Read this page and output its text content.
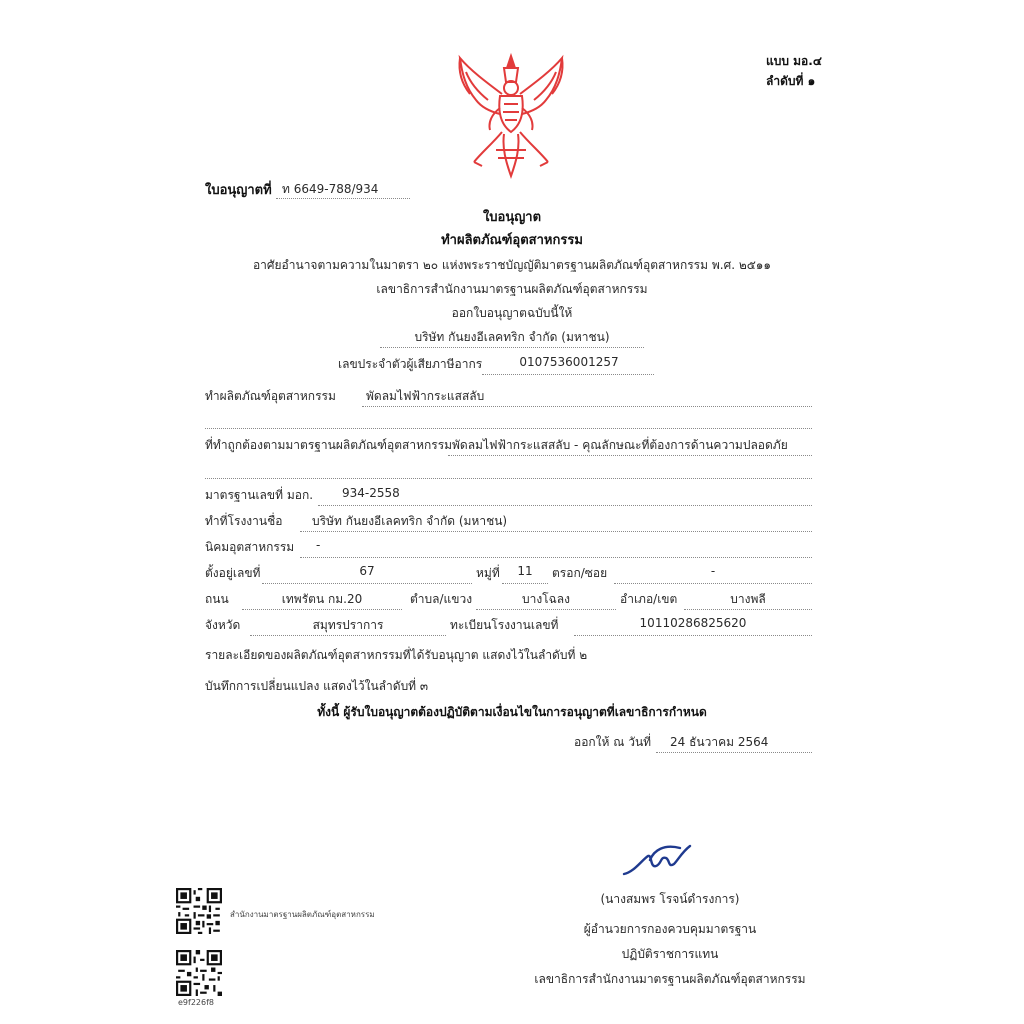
แบบ มอ.๔
ลำดับที่ ๑
ใบอนุญาตที่ ท 6649-788/934
ใบอนุญาต
ทำผลิตภัณฑ์อุตสาหกรรม
อาศัยอำนาจตามความในมาตรา ๒๐ แห่งพระราชบัญญัติมาตรฐานผลิตภัณฑ์อุตสาหกรรม พ.ศ. ๒๕๑๑
เลขาธิการสำนักงานมาตรฐานผลิตภัณฑ์อุตสาหกรรม
ออกใบอนุญาตฉบับนี้ให้
บริษัท กันยงอีเลคทริก จำกัด (มหาชน)
เลขประจำตัวผู้เสียภาษีอากร	0107536001257
ทำผลิตภัณฑ์อุตสาหกรรม	พัดลมไฟฟ้ากระแสสลับ
ที่ทำถูกต้องตามมาตรฐานผลิตภัณฑ์อุตสาหกรรม พัดลมไฟฟ้ากระแสสลับ - คุณลักษณะที่ต้องการด้านความปลอดภัย
มาตรฐานเลขที่ มอก. 934-2558
ทำที่โรงงานชื่อ บริษัท กันยงอีเลคทริก จำกัด (มหาชน)
นิคมอุตสาหกรรม -
ตั้งอยู่เลขที่	67	หมู่ที่	11	ตรอก/ซอย	-
ถนน	เทพรัตน กม.20	ตำบล/แขวง	บางโฉลง	อำเภอ/เขต	บางพลี
จังหวัด	สมุทรปราการ	ทะเบียนโรงงานเลขที่	10110286825620
รายละเอียดของผลิตภัณฑ์อุตสาหกรรมที่ได้รับอนุญาต แสดงไว้ในลำดับที่ ๒
บันทึกการเปลี่ยนแปลง แสดงไว้ในลำดับที่ ๓
ทั้งนี้ ผู้รับใบอนุญาตต้องปฏิบัติตามเงื่อนไขในการอนุญาตที่เลขาธิการกำหนด
ออกให้ ณ วันที่ 24 ธันวาคม 2564
(นางสมพร โรจน์ดำรงการ)
ผู้อำนวยการกองควบคุมมาตรฐาน
ปฏิบัติราชการแทน
เลขาธิการสำนักงานมาตรฐานผลิตภัณฑ์อุตสาหกรรม
สำนักงานมาตรฐานผลิตภัณฑ์อุตสาหกรรม
e9f226f8
